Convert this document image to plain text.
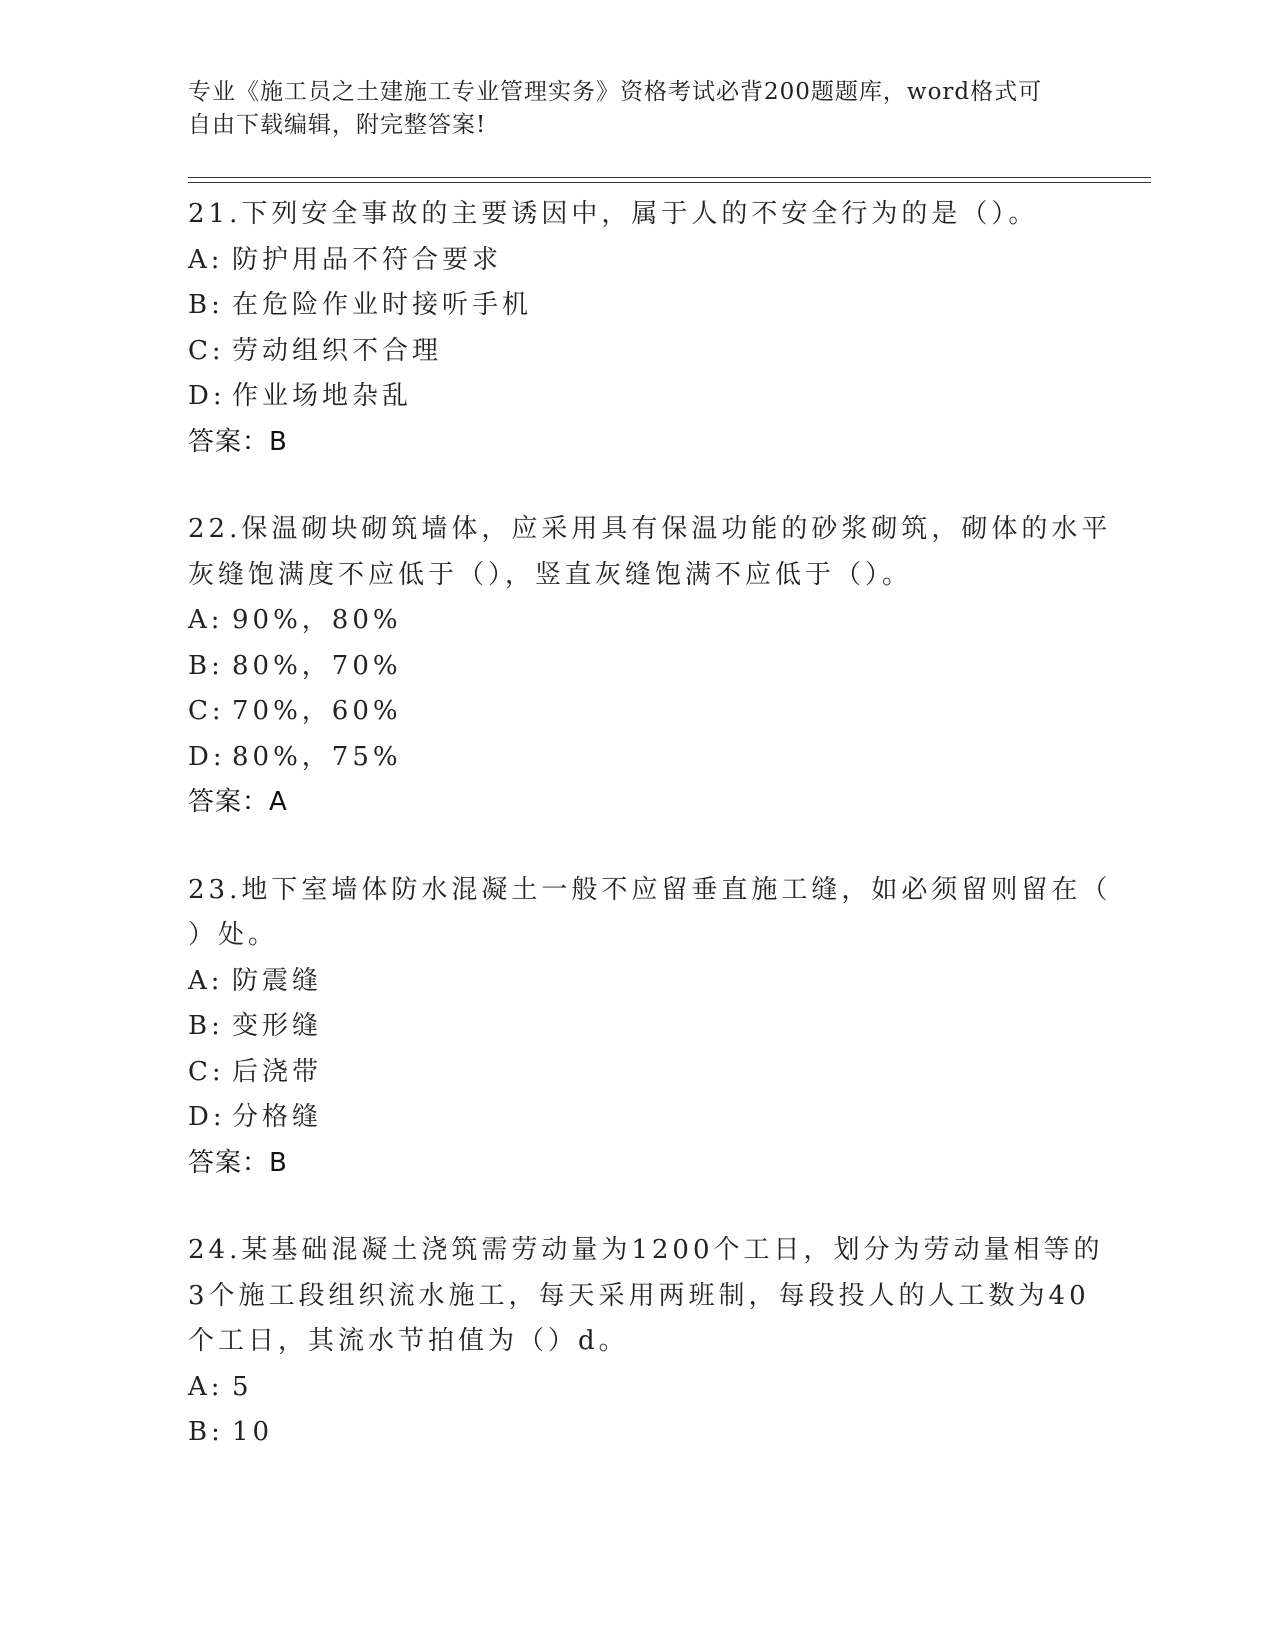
专业《施工员之土建施工专业管理实务》资格考试必背200题题库，word格式可
自由下载编辑，附完整答案!
21.下列安全事故的主要诱因中，属于人的不安全行为的是（）。
A: 防护用品不符合要求
B: 在危险作业时接听手机
C: 劳动组织不合理
D: 作业场地杂乱
答案：B
22.保温砌块砌筑墙体，应采用具有保温功能的砂浆砌筑，砌体的水平
灰缝饱满度不应低于（），竖直灰缝饱满不应低于（）。
A: 90%，80%
B: 80%，70%
C: 70%，60%
D: 80%，75%
答案：A
23.地下室墙体防水混凝土一般不应留垂直施工缝，如必须留则留在（
）处。
A: 防震缝
B: 变形缝
C: 后浇带
D: 分格缝
答案：B
24.某基础混凝土浇筑需劳动量为1200个工日，划分为劳动量相等的
3个施工段组织流水施工，每天采用两班制，每段投人的人工数为40
个工日，其流水节拍值为（）d。
A: 5
B: 10
